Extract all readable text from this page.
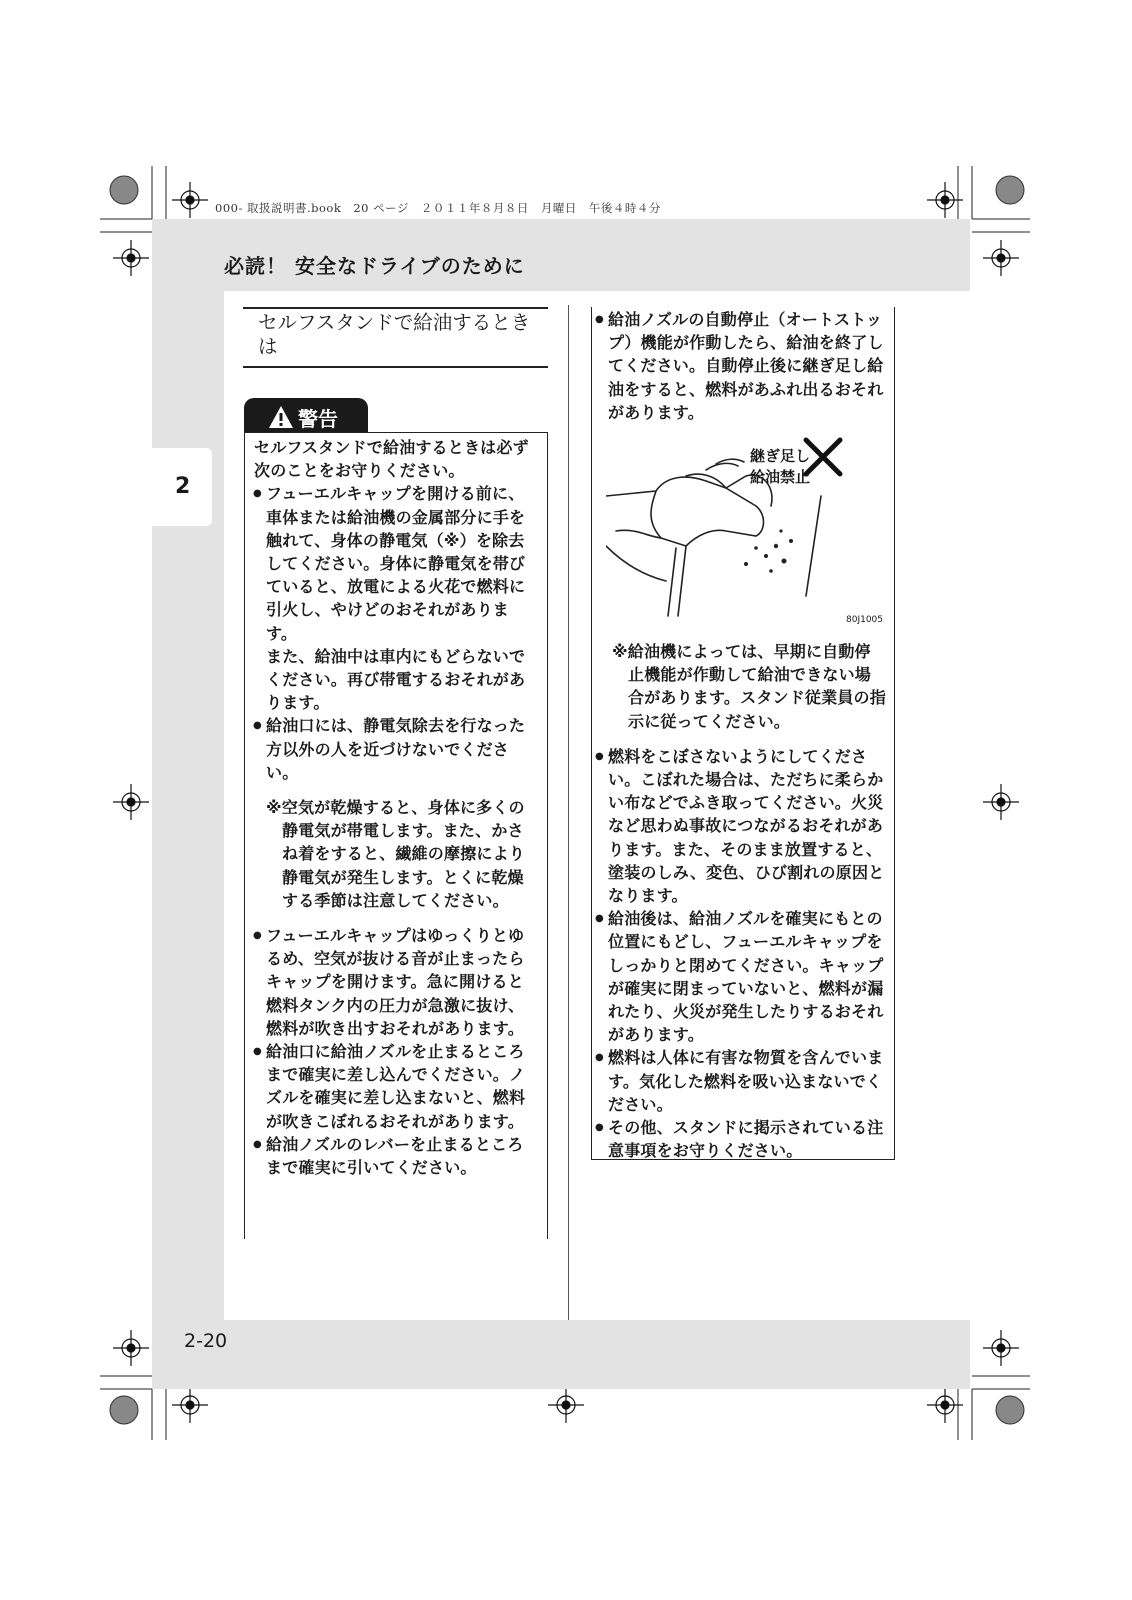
2
000- 取扱説明書.book　20 ページ　２０１１年８月８日　月曜日　午後４時４分
必読！ 安全なドライブのために
2-20
セルフスタンドで給油するときは
警告

セルフスタンドで給油するときは必ず次のことをお守りください。

● フューエルキャップを開ける前に、車体または給油機の金属部分に手を触れて、身体の静電気（※）を除去してください。身体に静電気を帯びていると、放電による火花で燃料に引火し、やけどのおそれがあります。

また、給油中は車内にもどらないでください。再び帯電するおそれがあります。

● 給油口には、静電気除去を行なった方以外の人を近づけないでください。

※空気が乾燥すると、身体に多くの静電気が帯電します。また、かさね着をすると、繊維の摩擦により静電気が発生します。とくに乾燥する季節は注意してください。

● フューエルキャップはゆっくりとゆるめ、空気が抜ける音が止まったらキャップを開けます。急に開けると燃料タンク内の圧力が急激に抜け、燃料が吹き出すおそれがあります。

● 給油口に給油ノズルを止まるところまで確実に差し込んでください。ノズルを確実に差し込まないと、燃料が吹きこぼれるおそれがあります。

● 給油ノズルのレバーを止まるところまで確実に引いてください。

● 給油ノズルの自動停止（オートストップ）機能が作動したら、給油を終了してください。自動停止後に継ぎ足し給油をすると、燃料があふれ出るおそれがあります。

継ぎ足し
給油禁止
80J1005

※給油機によっては、早期に自動停止機能が作動して給油できない場合があります。スタンド従業員の指示に従ってください。

● 燃料をこぼさないようにしてください。こぼれた場合は、ただちに柔らかい布などでふき取ってください。火災など思わぬ事故につながるおそれがあります。また、そのまま放置すると、塗装のしみ、変色、ひび割れの原因となります。

● 給油後は、給油ノズルを確実にもとの位置にもどし、フューエルキャップをしっかりと閉めてください。キャップが確実に閉まっていないと、燃料が漏れたり、火災が発生したりするおそれがあります。

● 燃料は人体に有害な物質を含んでいます。気化した燃料を吸い込まないでください。

● その他、スタンドに掲示されている注意事項をお守りください。
